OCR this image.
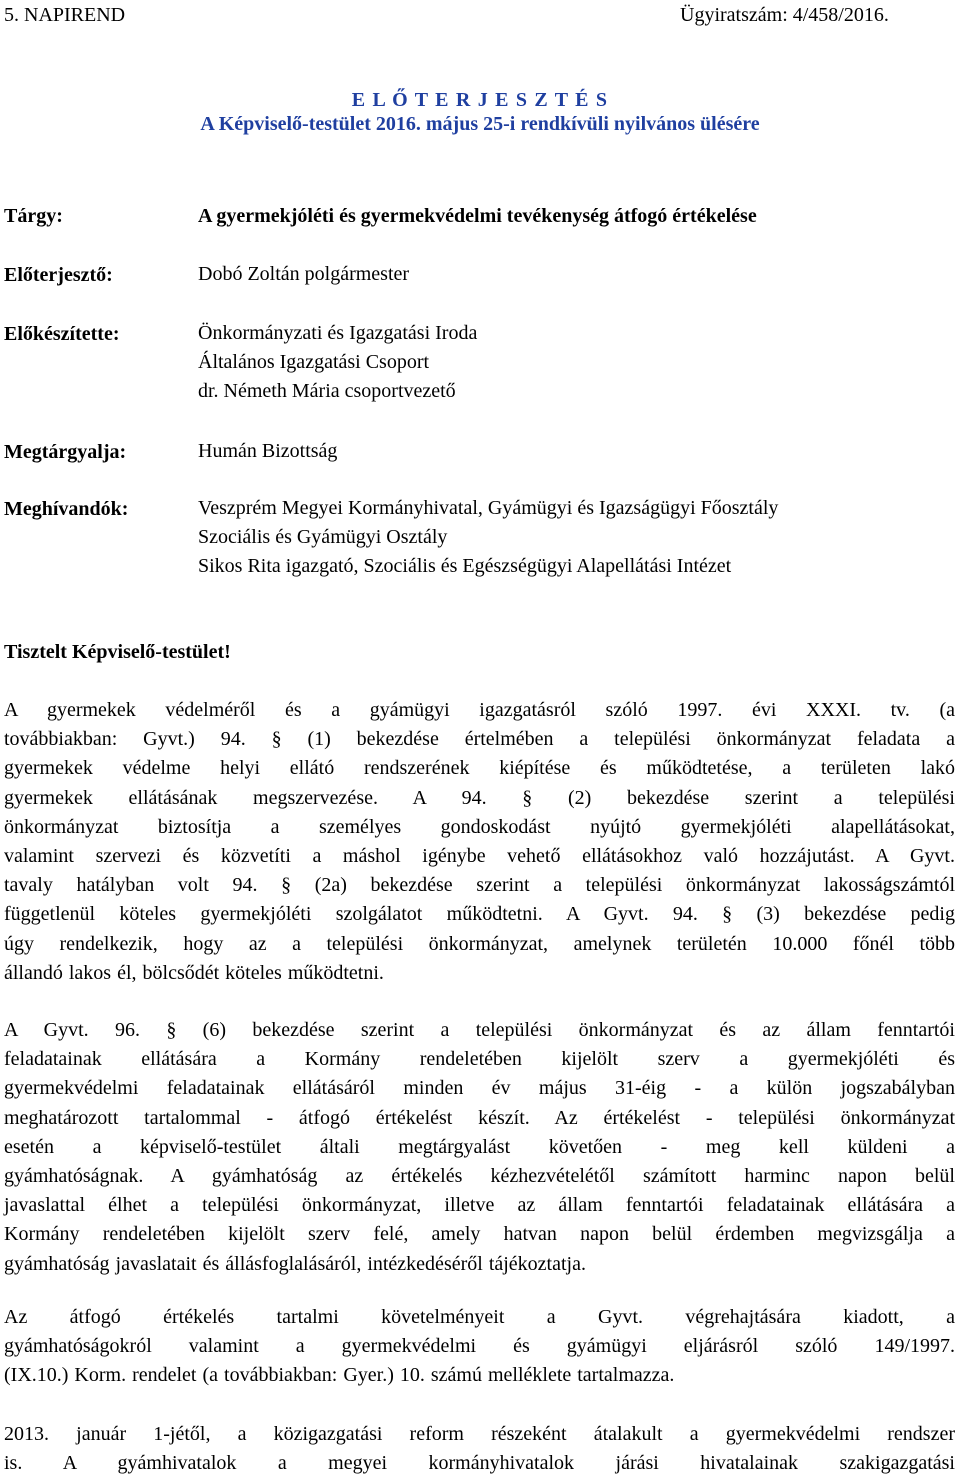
5. NAPIREND	Ügyiratszám: 4/458/2016.
E L Ő T E R J E S Z T É S
A Képviselő-testület 2016. május 25-i rendkívüli nyilvános ülésére
Tárgy:	A gyermekjóléti és gyermekvédelmi tevékenység átfogó értékelése
Előterjesztő:	Dobó Zoltán polgármester
Előkészítette:	Önkormányzati és Igazgatási Iroda
Általános Igazgatási Csoport
dr. Németh Mária csoportvezető
Megtárgyalja:	Humán Bizottság
Meghívandók:	Veszprém Megyei Kormányhivatal, Gyámügyi és Igazságügyi Főosztály
Szociális és Gyámügyi Osztály
Sikos Rita igazgató, Szociális és Egészségügyi Alapellátási Intézet
Tisztelt Képviselő-testület!
A gyermekek védelméről és a gyámügyi igazgatásról szóló 1997. évi XXXI. tv. (a
továbbiakban: Gyvt.) 94. § (1) bekezdése értelmében a települési önkormányzat feladata a
gyermekek védelme helyi ellátó rendszerének kiépítése és működtetése, a területen lakó
gyermekek ellátásának megszervezése. A 94. § (2) bekezdése szerint a települési
önkormányzat biztosítja a személyes gondoskodást nyújtó gyermekjóléti alapellátásokat,
valamint szervezi és közvetíti a máshol igénybe vehető ellátásokhoz való hozzájutást. A Gyvt.
tavaly hatályban volt 94. § (2a) bekezdése szerint a települési önkormányzat lakosságszámtól
függetlenül köteles gyermekjóléti szolgálatot működtetni. A Gyvt. 94. § (3) bekezdése pedig
úgy rendelkezik, hogy az a települési önkormányzat, amelynek területén 10.000 főnél több
állandó lakos él, bölcsődét köteles működtetni.
A Gyvt. 96. § (6) bekezdése szerint a települési önkormányzat és az állam fenntartói
feladatainak ellátására a Kormány rendeletében kijelölt szerv a gyermekjóléti és
gyermekvédelmi feladatainak ellátásáról minden év május 31-éig - a külön jogszabályban
meghatározott tartalommal - átfogó értékelést készít. Az értékelést - települési önkormányzat
esetén a képviselő-testület általi megtárgyalást követően - meg kell küldeni a
gyámhatóságnak. A gyámhatóság az értékelés kézhezvételétől számított harminc napon belül
javaslattal élhet a települési önkormányzat, illetve az állam fenntartói feladatainak ellátására a
Kormány rendeletében kijelölt szerv felé, amely hatvan napon belül érdemben megvizsgálja a
gyámhatóság javaslatait és állásfoglalásáról, intézkedéséről tájékoztatja.
Az átfogó értékelés tartalmi követelményeit a Gyvt. végrehajtására kiadott, a
gyámhatóságokról valamint a gyermekvédelmi és gyámügyi eljárásról szóló 149/1997.
(IX.10.) Korm. rendelet (a továbbiakban: Gyer.) 10. számú melléklete tartalmazza.
2013. január 1-jétől, a közigazgatási reform részeként átalakult a gyermekvédelmi rendszer
is. A gyámhivatalok a megyei kormányhivatalok járási hivatalainak szakigazgatási
